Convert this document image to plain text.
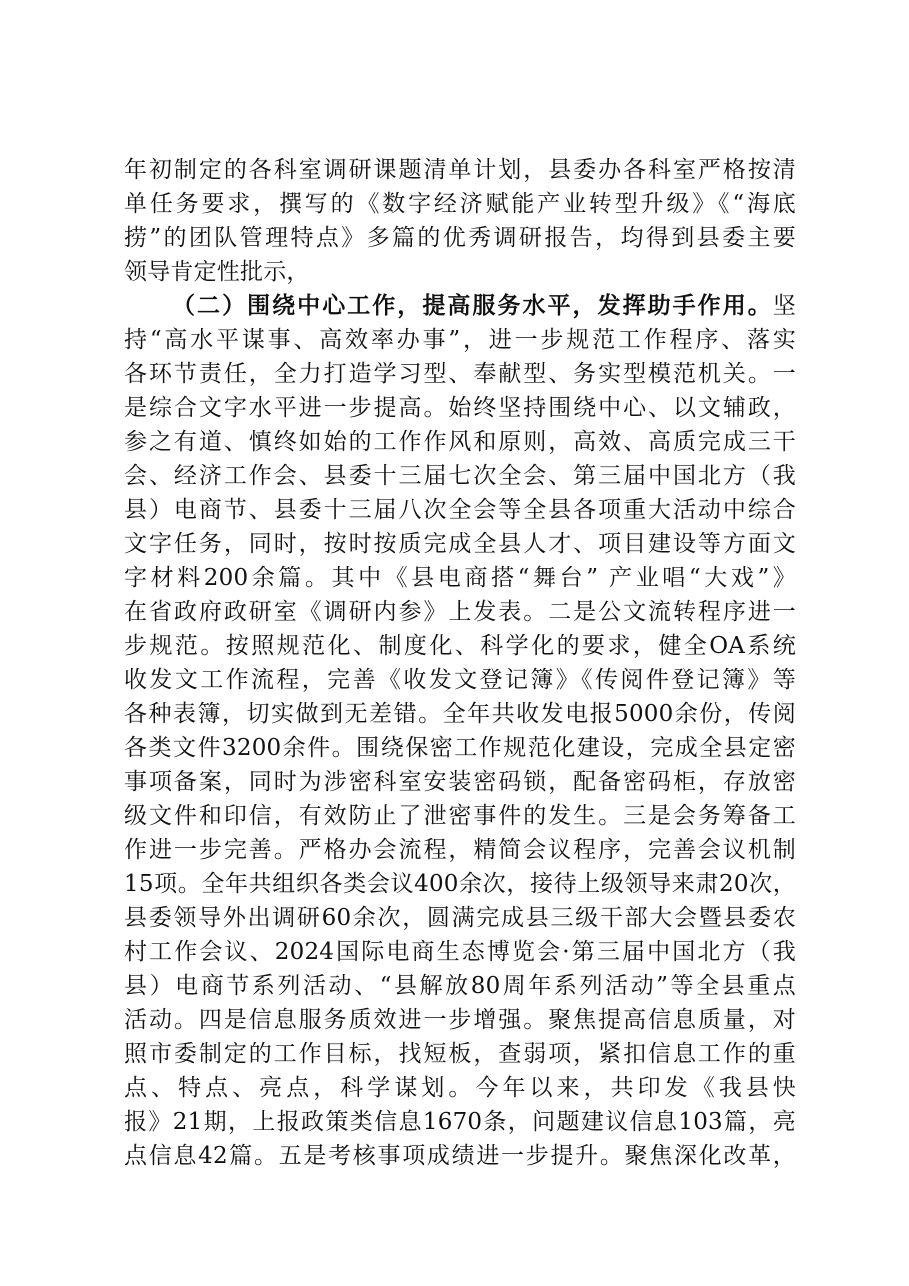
年初制定的各科室调研课题清单计划，县委办各科室严格按清
单任务要求，撰写的《数字经济赋能产业转型升级》《“海底
捞”的团队管理特点》多篇的优秀调研报告，均得到县委主要
领导肯定性批示，
（二）围绕中心工作，提高服务水平，发挥助手作用。坚
持“高水平谋事、高效率办事”，进一步规范工作程序、落实
各环节责任，全力打造学习型、奉献型、务实型模范机关。一
是综合文字水平进一步提高。始终坚持围绕中心、以文辅政，
参之有道、慎终如始的工作作风和原则，高效、高质完成三干
会、经济工作会、县委十三届七次全会、第三届中国北方（我
县）电商节、县委十三届八次全会等全县各项重大活动中综合
文字任务，同时，按时按质完成全县人才、项目建设等方面文
字材料200余篇。其中《县电商搭“舞台” 产业唱“大戏”》
在省政府政研室《调研内参》上发表。二是公文流转程序进一
步规范。按照规范化、制度化、科学化的要求，健全OA系统
收发文工作流程，完善《收发文登记簿》《传阅件登记簿》等
各种表簿，切实做到无差错。全年共收发电报5000余份，传阅
各类文件3200余件。围绕保密工作规范化建设，完成全县定密
事项备案，同时为涉密科室安装密码锁，配备密码柜，存放密
级文件和印信，有效防止了泄密事件的发生。三是会务筹备工
作进一步完善。严格办会流程，精简会议程序，完善会议机制
15项。全年共组织各类会议400余次，接待上级领导来肃20次，
县委领导外出调研60余次，圆满完成县三级干部大会暨县委农
村工作会议、2024国际电商生态博览会·第三届中国北方（我
县）电商节系列活动、“县解放80周年系列活动”等全县重点
活动。四是信息服务质效进一步增强。聚焦提高信息质量，对
照市委制定的工作目标，找短板，查弱项，紧扣信息工作的重
点、特点、亮点，科学谋划。今年以来，共印发《我县快
报》21期，上报政策类信息1670条，问题建议信息103篇，亮
点信息42篇。五是考核事项成绩进一步提升。聚焦深化改革，
